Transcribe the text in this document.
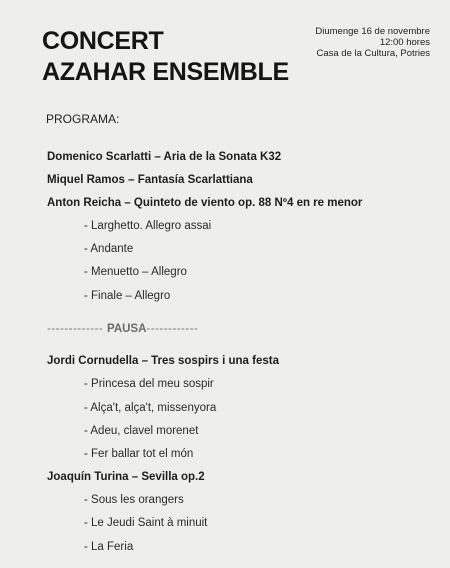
CONCERT
AZAHAR ENSEMBLE
Diumenge 16 de novembre
12:00 hores
Casa de la Cultura, Potries
PROGRAMA:
Domenico Scarlatti – Aria de la Sonata K32
Miquel Ramos – Fantasía Scarlattiana
Anton Reicha – Quinteto de viento op. 88 Nº4 en re menor
- Larghetto. Allegro assai
- Andante
- Menuetto – Allegro
- Finale – Allegro
------------- PAUSA------------
Jordi Cornudella – Tres sospirs i una festa
- Princesa del meu sospir
- Alça't, alça't, missenyora
- Adeu, clavel morenet
- Fer ballar tot el món
Joaquín Turina – Sevilla op.2
- Sous les orangers
- Le Jeudi Saint à minuit
- La Feria
